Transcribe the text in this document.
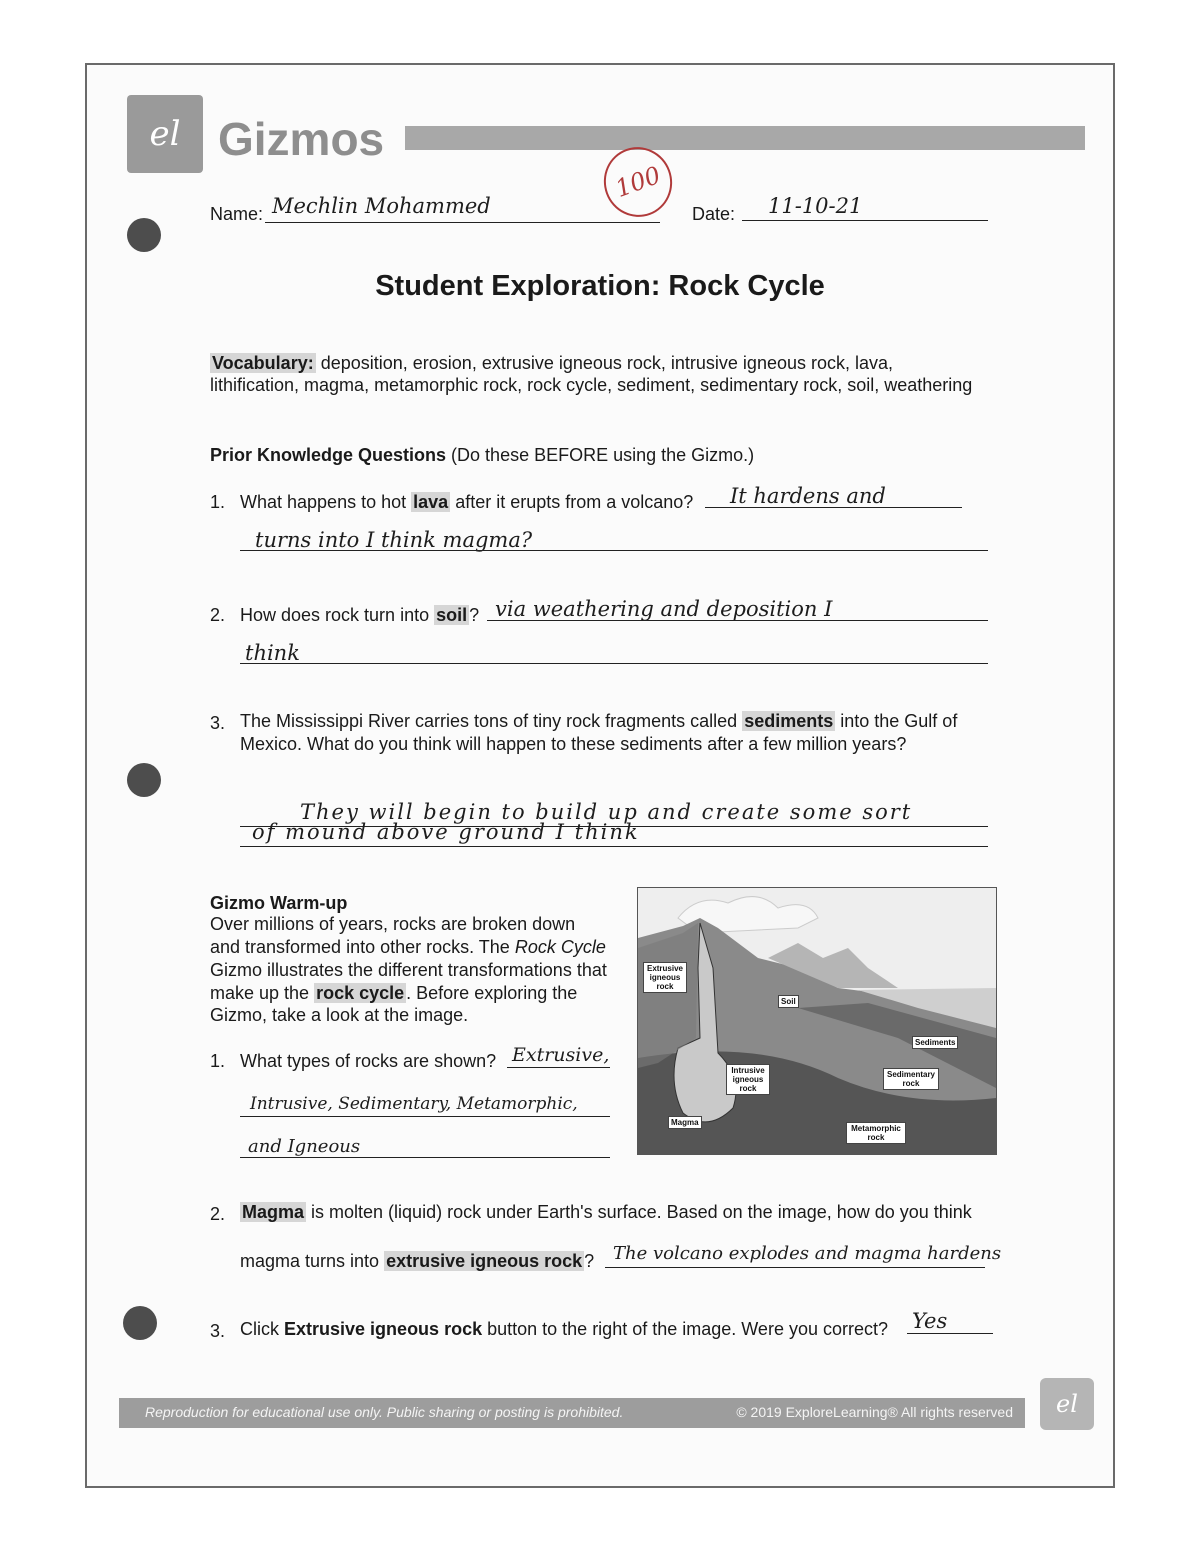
el Gizmos
Name: Mechlin Mohammed
100
Date: 11-10-21
Student Exploration: Rock Cycle
Vocabulary: deposition, erosion, extrusive igneous rock, intrusive igneous rock, lava,
lithification, magma, metamorphic rock, rock cycle, sediment, sedimentary rock, soil, weathering
Prior Knowledge Questions (Do these BEFORE using the Gizmo.)
1. What happens to hot lava after it erupts from a volcano? It hardens and
turns into I think magma?
2. How does rock turn into soil ? via weathering and deposition I
think
3. The Mississippi River carries tons of tiny rock fragments called sediments into the Gulf of
Mexico. What do you think will happen to these sediments after a few million years?
They will begin to build up and create some sort
of mound above ground I think
Gizmo Warm-up
Over millions of years, rocks are broken down
and transformed into other rocks. The Rock Cycle
Gizmo illustrates the different transformations that
make up the rock cycle . Before exploring the
Gizmo, take a look at the image.
Extrusive igneous rock
Soil
Sediments
Intrusive igneous rock
Sedimentary rock
Magma
Metamorphic rock
1. What types of rocks are shown? Extrusive,
Intrusive, Sedimentary, Metamorphic,
and Igneous
2. Magma is molten (liquid) rock under Earth's surface. Based on the image, how do you think
magma turns into extrusive igneous rock ? The volcano explodes and magma hardens
3. Click Extrusive igneous rock button to the right of the image. Were you correct? Yes
Reproduction for educational use only. Public sharing or posting is prohibited.	© 2019 ExploreLearning® All rights reserved el
